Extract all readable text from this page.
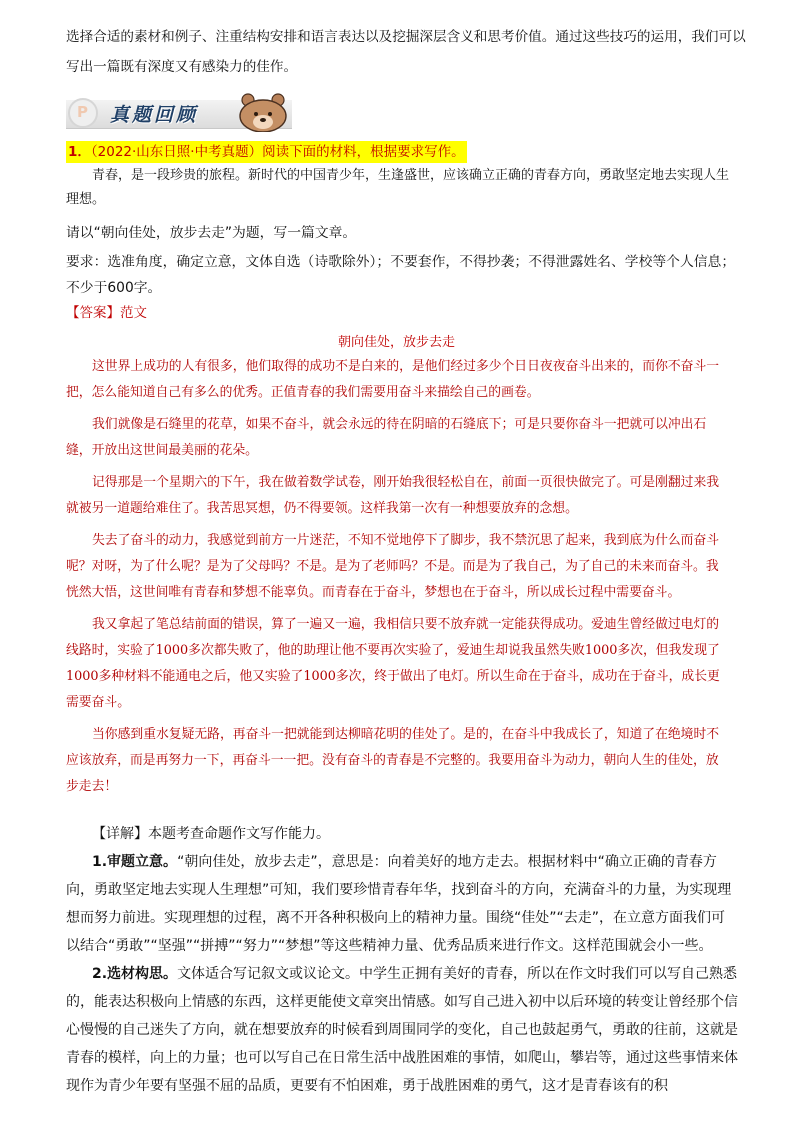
选择合适的素材和例子、注重结构安排和语言表达以及挖掘深层含义和思考价值。通过这些技巧的运用，我们可以写出一篇既有深度又有感染力的佳作。

P 真题回顾
1．（2022·山东日照·中考真题）阅读下面的材料，根据要求写作。

青春，是一段珍贵的旅程。新时代的中国青少年，生逢盛世，应该确立正确的青春方向，勇敢坚定地去实现人生理想。

请以“朝向佳处，放步去走”为题，写一篇文章。

要求：选准角度，确定立意，文体自选（诗歌除外）；不要套作，不得抄袭；不得泄露姓名、学校等个人信息；不少于600字。

【答案】范文
朝向佳处，放步去走

这世界上成功的人有很多，他们取得的成功不是白来的，是他们经过多少个日日夜夜奋斗出来的，而你不奋斗一把，怎么能知道自己有多么的优秀。正值青春的我们需要用奋斗来描绘自己的画卷。

我们就像是石缝里的花草，如果不奋斗，就会永远的待在阴暗的石缝底下；可是只要你奋斗一把就可以冲出石缝，开放出这世间最美丽的花朵。

记得那是一个星期六的下午，我在做着数学试卷，刚开始我很轻松自在，前面一页很快做完了。可是刚翻过来我就被另一道题给难住了。我苦思冥想，仍不得要领。这样我第一次有一种想要放弃的念想。

失去了奋斗的动力，我感觉到前方一片迷茫，不知不觉地停下了脚步，我不禁沉思了起来，我到底为什么而奋斗呢？对呀，为了什么呢？是为了父母吗？不是。是为了老师吗？不是。而是为了我自己，为了自己的未来而奋斗。我恍然大悟，这世间唯有青春和梦想不能辜负。而青春在于奋斗，梦想也在于奋斗，所以成长过程中需要奋斗。

我又拿起了笔总结前面的错误，算了一遍又一遍，我相信只要不放弃就一定能获得成功。爱迪生曾经做过电灯的线路时，实验了1000多次都失败了，他的助理让他不要再次实验了，爱迪生却说我虽然失败1000多次，但我发现了1000多种材料不能通电之后，他又实验了1000多次，终于做出了电灯。所以生命在于奋斗，成功在于奋斗，成长更需要奋斗。

当你感到重水复疑无路，再奋斗一把就能到达柳暗花明的佳处了。是的，在奋斗中我成长了，知道了在绝境时不应该放弃，而是再努力一下，再奋斗一一把。没有奋斗的青春是不完整的。我要用奋斗为动力，朝向人生的佳处，放步走去！

【详解】本题考查命题作文写作能力。

1.审题立意。“朝向佳处，放步去走”，意思是：向着美好的地方走去。根据材料中“确立正确的青春方向，勇敢坚定地去实现人生理想”可知，我们要珍惜青春年华，找到奋斗的方向，充满奋斗的力量，为实现理想而努力前进。实现理想的过程，离不开各种积极向上的精神力量。围绕“佳处”“去走”，在立意方面我们可以结合“勇敢”“坚强”“拼搏”“努力”“梦想”等这些精神力量、优秀品质来进行作文。这样范围就会小一些。

2.选材构思。文体适合写记叙文或议论文。中学生正拥有美好的青春，所以在作文时我们可以写自己熟悉的，能表达积极向上情感的东西，这样更能使文章突出情感。如写自己进入初中以后环境的转变让曾经那个信心慢慢的自己迷失了方向，就在想要放弃的时候看到周围同学的变化，自己也鼓起勇气，勇敢的往前，这就是青春的模样，向上的力量；也可以写自己在日常生活中战胜困难的事情，如爬山，攀岩等，通过这些事情来体现作为青少年要有坚强不屈的品质，更要有不怕困难，勇于战胜困难的勇气，这才是青春该有的积
